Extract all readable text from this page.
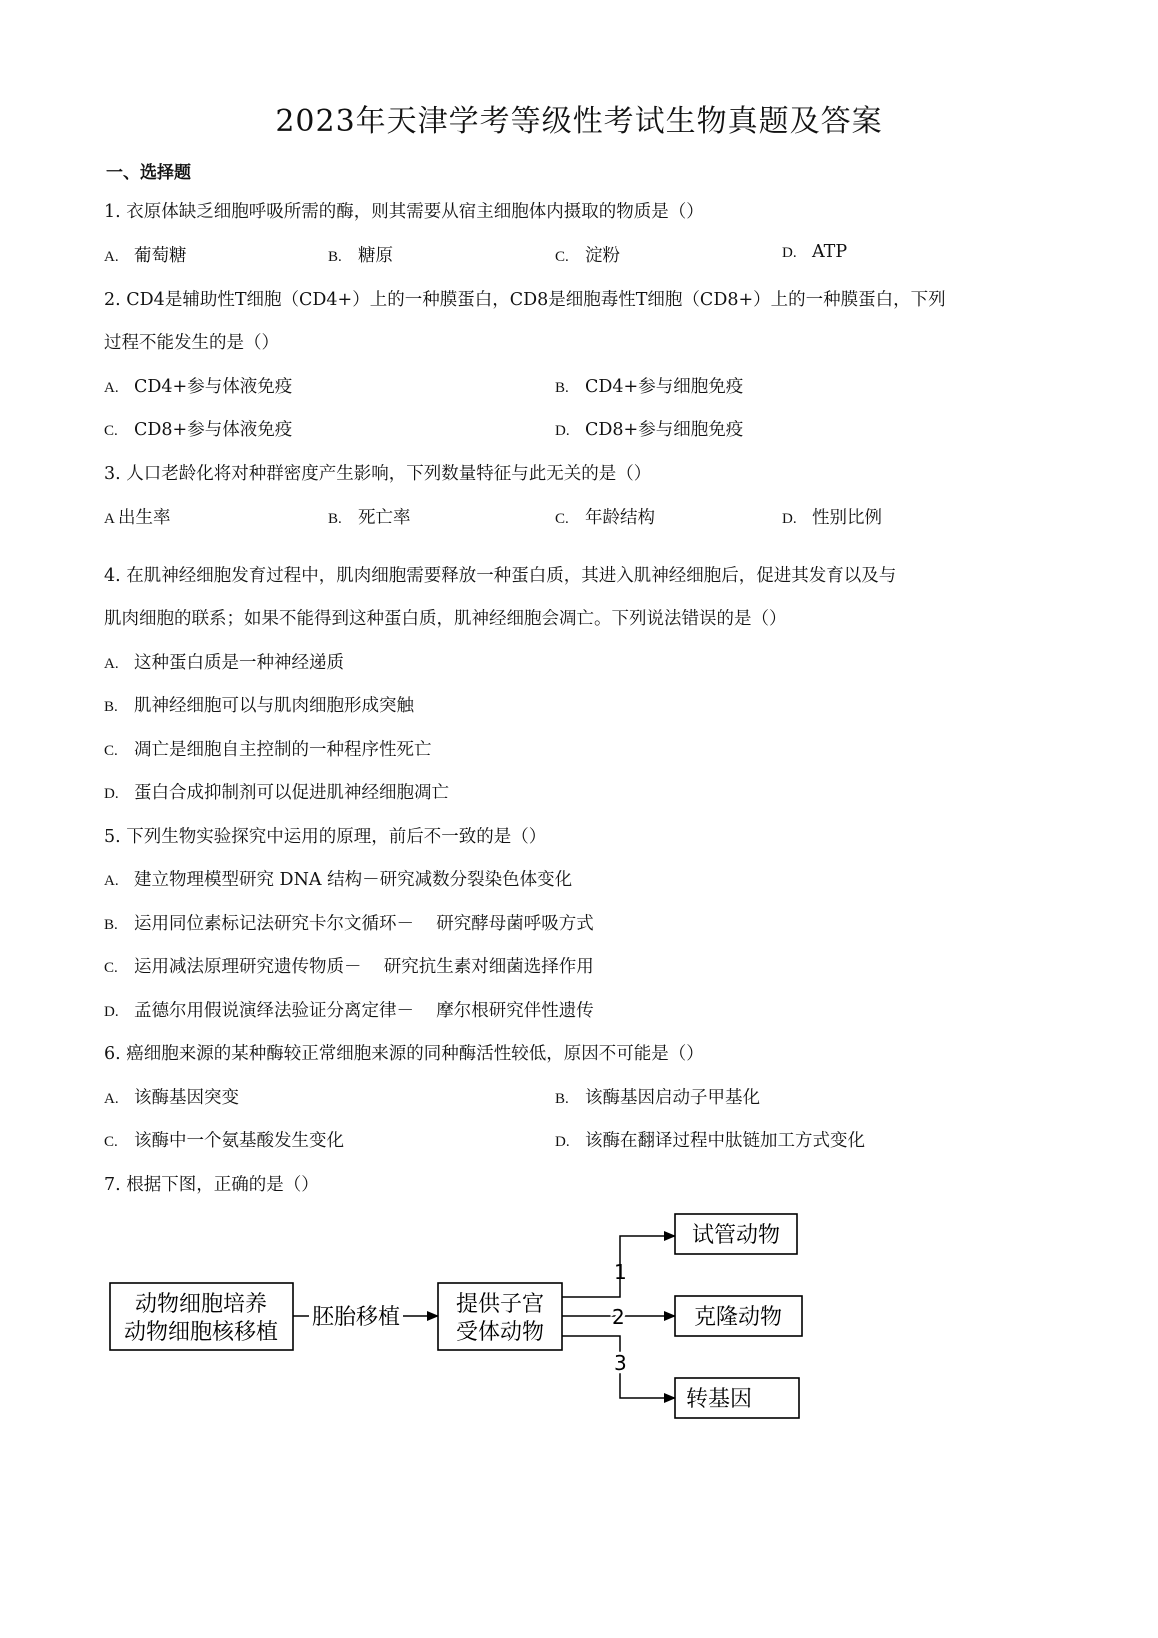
2023年天津学考等级性考试生物真题及答案
一、选择题
1. 衣原体缺乏细胞呼吸所需的酶，则其需要从宿主细胞体内摄取的物质是（）
A. 葡萄糖	B. 糖原	C. 淀粉	D. ATP
2. CD4是辅助性T细胞（CD4+）上的一种膜蛋白，CD8是细胞毒性T细胞（CD8+）上的一种膜蛋白，下列
过程不能发生的是（）
A. CD4+参与体液免疫	B. CD4+参与细胞免疫
C. CD8+参与体液免疫	D. CD8+参与细胞免疫
3. 人口老龄化将对种群密度产生影响，下列数量特征与此无关的是（）
A 出生率	B. 死亡率	C. 年龄结构	D. 性别比例
4. 在肌神经细胞发育过程中，肌肉细胞需要释放一种蛋白质，其进入肌神经细胞后，促进其发育以及与
肌肉细胞的联系；如果不能得到这种蛋白质，肌神经细胞会凋亡。下列说法错误的是（）
A. 这种蛋白质是一种神经递质
B. 肌神经细胞可以与肌肉细胞形成突触
C. 凋亡是细胞自主控制的一种程序性死亡
D. 蛋白合成抑制剂可以促进肌神经细胞凋亡
5. 下列生物实验探究中运用的原理，前后不一致的是（）
A. 建立物理模型研究 DNA 结构－研究减数分裂染色体变化
B. 运用同位素标记法研究卡尔文循环－    研究酵母菌呼吸方式
C. 运用减法原理研究遗传物质－    研究抗生素对细菌选择作用
D. 孟德尔用假说演绎法验证分离定律－    摩尔根研究伴性遗传
6. 癌细胞来源的某种酶较正常细胞来源的同种酶活性较低，原因不可能是（）
A. 该酶基因突变	B. 该酶基因启动子甲基化
C. 该酶中一个氨基酸发生变化	D. 该酶在翻译过程中肽链加工方式变化
7. 根据下图，正确的是（）
动物细胞培养
动物细胞核移植
胚胎移植
提供子宫
受体动物
1
2
3
试管动物
克隆动物
转基因
